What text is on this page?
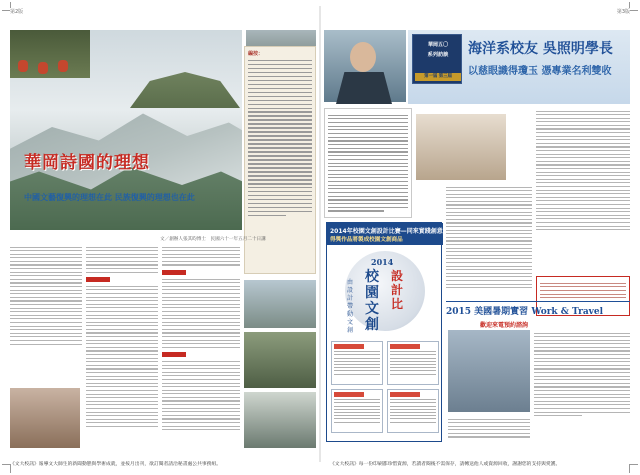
第2版
華岡詩國的理想
中國文藝復興的理想在此 民族復興的理想也在此
編按：
文／創辦人張其昀博士　民國六十一年五月二十日講
第3版
華岡五〇
系列訪談
第一屆 第三屆
海洋系校友 吳照明學長
以慈眼識得瓊玉 憑專業名利雙收
2014年校園文創設計比賽—同來實踐創意
得獎作品將製成校園文創商品
2014
校園文創
設計比
由設計帶動文創
2015 美國暑期實習 Work & Travel
歡迎來電預約諮詢
《文大校訊》報導文大師生的新聞動態與學術成就，並按月出刊，欲訂閱者請洽秘書處公共事務組。	《文大校訊》每一份印刷都珍惜資源，若讀者閱後不需保存，請轉送他人或資源回收，謝謝您的支持與愛護。
